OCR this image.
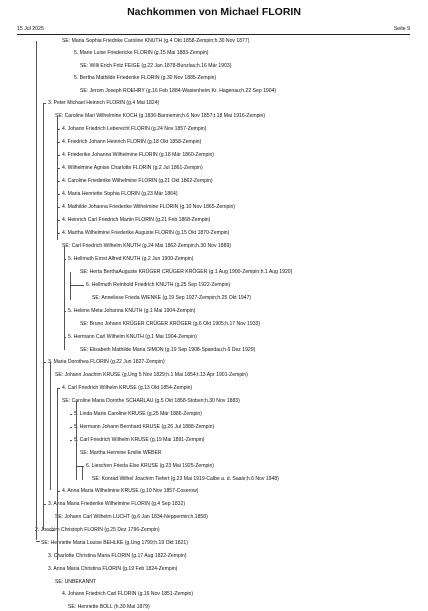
Nachkommen von Michael FLORIN
15 Jul 2025	Seite 9
SE: Maria Sophia Friedrike Caroline KNUTH (g.4 Okt 1858-Zempin;h.30 Nov 1877)
5. Marie Luise Friedericke FLORIN (g.15 Mai 1883-Zempin)
SE: Willi Erich Fritz FEIGE (g.22 Jan 1878-Bunzlau;h.16 Mär 1903)
5. Bertha Mathilde Friederike FLORIN (g.30 Nov 1885-Zempin)
SE: Jerom Joseph ROEHRY (g.16 Feb 1884-Wasienheim Kr. Hagenau;h.22 Sep 1904)
3. Peter Michael Heinrich FLORIN (g.4 Mai 1824)
SE: Caroline Mari Wilhelmine KOCH (g.1836-Bannemin;h.6 Nov 1857;t.18 Mai 1916-Zempin)
4. Johann Friedrich Leberecht FLORIN (g.24 Nov 1857-Zempin)
4. Friedrich Johann Heinrich FLORIN (g.18 Okt 1858-Zempin)
4. Friederike Johanna Wilhelmine FLORIN (g.18 Mär 1860-Zempin)
4. Wilhelmine Agnise Charlotte FLORIN (g.2 Jul 1861-Zempin)
4. Caroline Friederike Wilhelmine FLORIN (g.21 Okt 1862-Zempin)
4. Maria Henriette Sophia FLORIN (g.23 Mär 1864)
4. Mathilde Johanna Friederike Wilhelmine FLORIN (g.10 Nov 1865-Zempin)
4. Heinrich Carl Friedrich Martin FLORIN (g.21 Feb 1868-Zempin)
4. Martha Wilhelmine Friederike Auguste FLORIN (g.15 Okt 1870-Zempin)
SE: Carl Friedrich Wilhelm KNUTH (g.24 Mai 1862-Zempin;h.30 Nov 1889)
5. Hellmuth Ernst Alfred KNUTH (g.2 Jun 1900-Zempin)
SE: Herta BerthaAuguste KRÜGER CRÜGER KRÖGER (g.1 Aug 1900-Zempin;h.1 Aug 1920)
6. Hellmuth Reinhold Friedrich KNUTH (g.25 Sep 1922-Zempin)
SE: Anneliese Frieda WIENKE (g.19 Sep 1927-Zempin;h.25 Okt 1947)
5. Helene Meta Johanna KNUTH (g.1 Mai 1904-Zempin)
SE: Bruno Johann KRÜGER CRÜGER KRÖGER (g.6 Okt 1905;h.17 Nov 1933)
5. Hermann Carl Wilhelm KNUTH (g.1 Mai 1904-Zempin)
SE: Elisabeth Mathilde Maria SIMON (g.19 Sep 1908-Spandau;h.6 Dez 1929)
3. Maria Dorothea FLORIN (g.22 Jun 1827-Zempin)
SE: Johann Joachim KRUSE (g.Ung 5 Nov 1829;h.1 Mai 1854;t.13 Apr 1901-Zempin)
4. Carl Friedrich Wilhelm KRUSE (g.13 Okt 1854-Zempin)
SE: Caroline Maria Dorothe SCHARLAU (g.5 Okt 1858-Stoben;h.30 Nov 1883)
5. Linda Marie Caroline KRUSE (g.25 Mär 1886-Zempin)
5. Hermann Johann Bernhard KRUSE (g.26 Jul 1888-Zempin)
5. Carl Friedrich Wilhelm KRUSE (g.19 Mai 1891-Zempin)
SE: Martha Hermine Emilie WEBER
6. Lieschen Frieda Else KRUSE (g.23 Mai 1925-Zempin)
SE: Konrad Wilhel Joachim Tiefert (g.23 Mai 1919-Calbe a. d. Saale;h.6 Nov 1948)
4. Anna Maria Wilhelmine KRUSE (g.10 Nov 1857-Coserow)
3. Anna Maria Friederike Wilhelmine FLORIN (g.4 Sep 1832)
SE: Johann Carl Wilhelm LUCHT (g.6 Jan 1834-Neppermin;h.1858)
2. Joachim Christoph FLORIN (g.25 Dez 1796-Zempin)
SE: Henriette Maria Louise BEHLKE (g.Ung 1799;h.19 Okt 1821)
3. Charlotte Christina Maria FLORIN (g.17 Aug 1822-Zempin)
3. Anna Maria Christina FLORIN (g.19 Feb 1824-Zempin)
SE: UNBEKANNT
4. Johann Friedrich Carl FLORIN (g.16 Nov 1851-Zempin)
SE: Henriette BOLL (h.30 Mai 1879)
